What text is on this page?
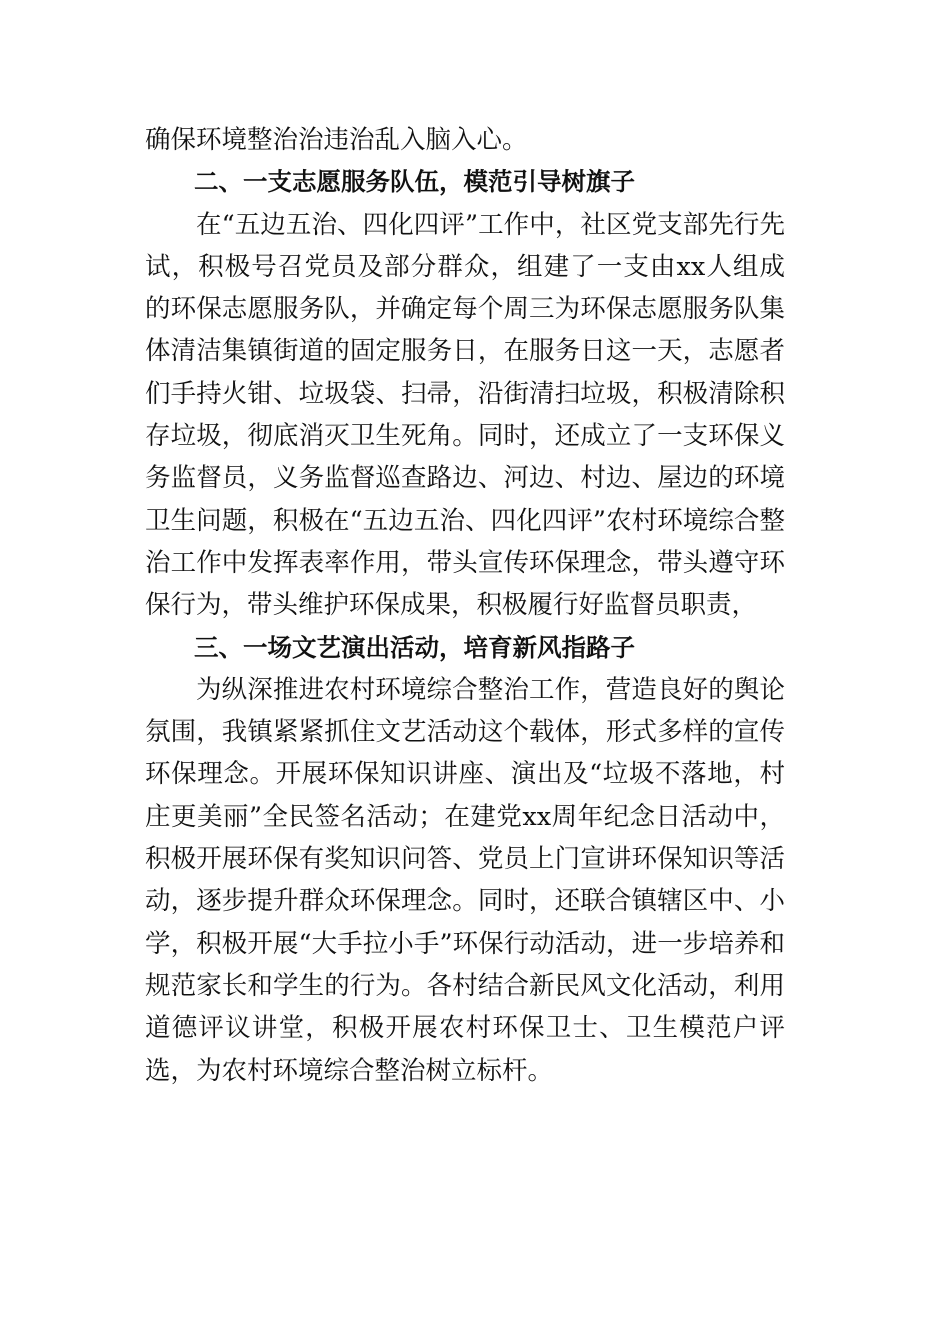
确保环境整治治违治乱入脑入心。

二、一支志愿服务队伍，模范引导树旗子

在“五边五治、四化四评”工作中，社区党支部先行先试，积极号召党员及部分群众，组建了一支由xx人组成的环保志愿服务队，并确定每个周三为环保志愿服务队集体清洁集镇街道的固定服务日，在服务日这一天，志愿者们手持火钳、垃圾袋、扫帚，沿街清扫垃圾，积极清除积存垃圾，彻底消灭卫生死角。同时，还成立了一支环保义务监督员，义务监督巡查路边、河边、村边、屋边的环境卫生问题，积极在“五边五治、四化四评”农村环境综合整治工作中发挥表率作用，带头宣传环保理念，带头遵守环保行为，带头维护环保成果，积极履行好监督员职责，

三、一场文艺演出活动，培育新风指路子

为纵深推进农村环境综合整治工作，营造良好的舆论氛围，我镇紧紧抓住文艺活动这个载体，形式多样的宣传环保理念。开展环保知识讲座、演出及“垃圾不落地，村庄更美丽”全民签名活动；在建党xx周年纪念日活动中，积极开展环保有奖知识问答、党员上门宣讲环保知识等活动，逐步提升群众环保理念。同时，还联合镇辖区中、小学，积极开展“大手拉小手”环保行动活动，进一步培养和规范家长和学生的行为。各村结合新民风文化活动，利用道德评议讲堂，积极开展农村环保卫士、卫生模范户评选，为农村环境综合整治树立标杆。
